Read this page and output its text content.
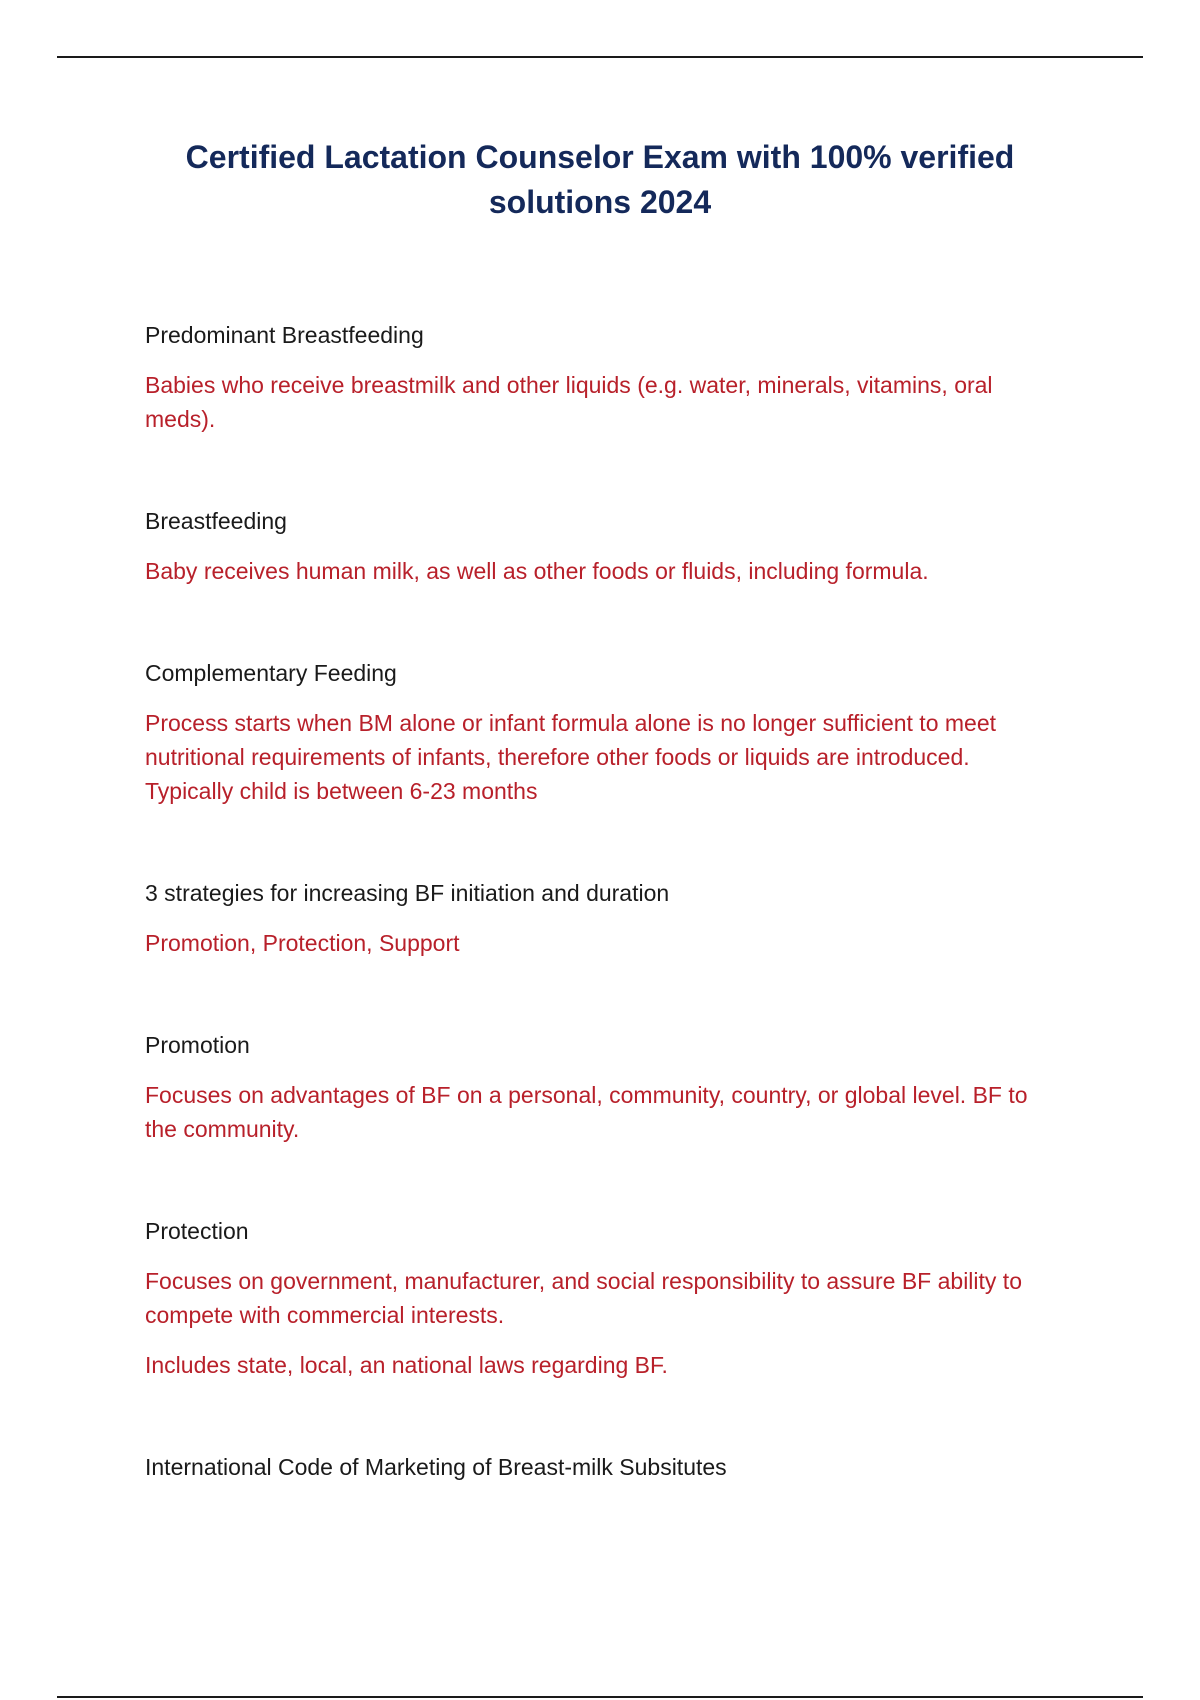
Certified Lactation Counselor Exam with 100% verified solutions 2024

Predominant Breastfeeding

Babies who receive breastmilk and other liquids (e.g. water, minerals, vitamins, oral meds).

Breastfeeding

Baby receives human milk, as well as other foods or fluids, including formula.

Complementary Feeding

Process starts when BM alone or infant formula alone is no longer sufficient to meet nutritional requirements of infants, therefore other foods or liquids are introduced. Typically child is between 6-23 months

3 strategies for increasing BF initiation and duration

Promotion, Protection, Support

Promotion

Focuses on advantages of BF on a personal, community, country, or global level. BF to the community.

Protection

Focuses on government, manufacturer, and social responsibility to assure BF ability to compete with commercial interests.

Includes state, local, an national laws regarding BF.

International Code of Marketing of Breast-milk Subsitutes
